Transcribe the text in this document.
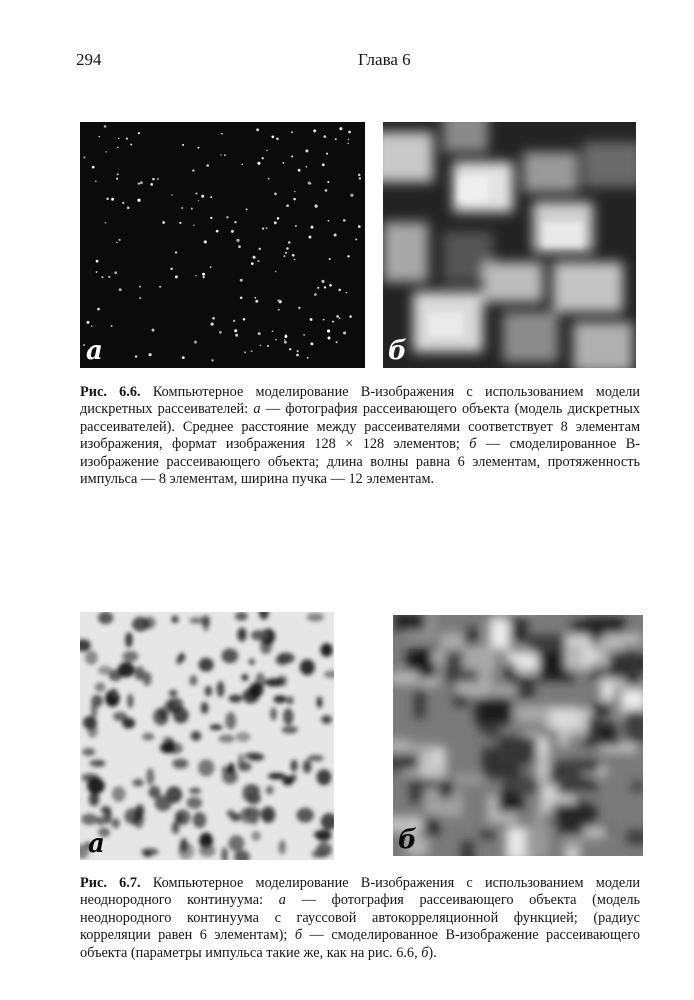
294	Глава 6
а	б
Рис. 6.6. Компьютерное моделирование В-изображения с использованием модели дискретных рассеивателей: а — фотография рассеивающего объекта (модель дискретных рассеивателей). Среднее расстояние между рассеивателями соответствует 8 элементам изображения, формат изображения 128 × 128 элементов; б — смоделированное В-изображение рассеивающего объекта; длина волны равна 6 элементам, протяженность импульса — 8 элементам, ширина пучка — 12 элементам.
а	б
Рис. 6.7. Компьютерное моделирование В-изображения с использованием модели неоднородного континуума: а — фотография рассеивающего объекта (модель неоднородного континуума с гауссовой автокорреляционной функцией; (радиус корреляции равен 6 элементам); б — смоделированное В-изображение рассеивающего объекта (параметры импульса такие же, как на рис. 6.6, б).
